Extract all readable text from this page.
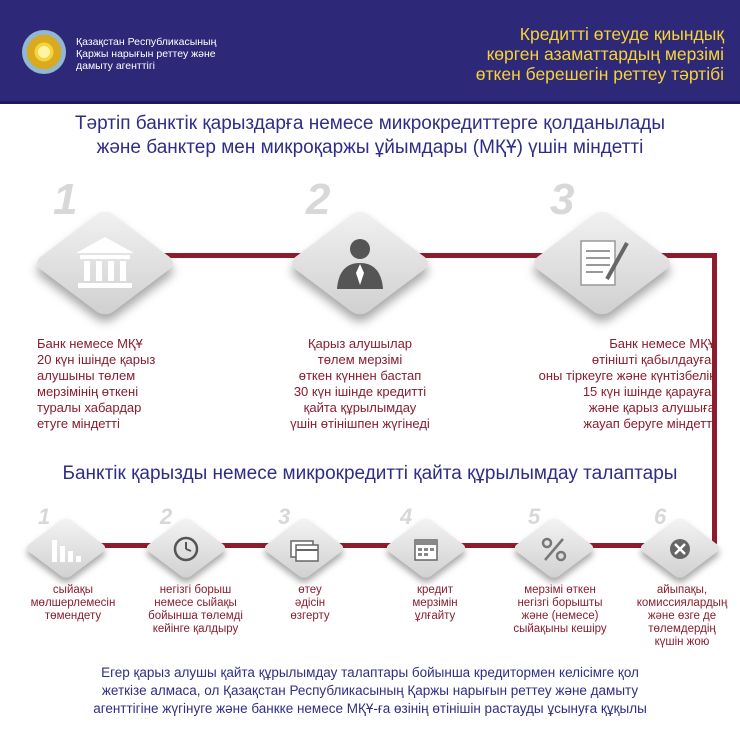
Қазақстан Республикасының
Қаржы нарығын реттеу және
дамыту агенттігі
Кредитті өтеуде қиындық
көрген азаматтардың мерзімі
өткен берешегін реттеу тәртібі
Тәртіп банктік қарыздарға немесе микрокредиттерге қолданылады
және банктер мен микроқаржы ұйымдары (МҚҰ) үшін міндетті
1
Банк немесе МҚҰ
20 күн ішінде қарыз
алушыны төлем
мерзімінің өткені
туралы хабардар
етуге міндетті
2
Қарыз алушылар
төлем мерзімі
өткен күннен бастап
30 күн ішінде кредитті
қайта құрылымдау
үшін өтінішпен жүгінеді
3
Банк немесе МҚҰ
өтінішті қабылдауға,
оны тіркеуге және күнтізбелік
15 күн ішінде қарауға,
және қарыз алушыға
жауап беруге міндетті
Банктік қарызды немесе микрокредитті қайта құрылымдау талаптары
1	2	3	4	5	6
сыйақы
мөлшерлемесін
төмендету
негізгі борыш
немесе сыйақы
бойынша төлемді
кейінге қалдыру
өтеу
әдісін
өзгерту
кредит
мерзімін
ұлғайту
мерзімі өткен
негізгі борышты
және (немесе)
сыйақыны кешіру
айыпақы,
комиссиялардың
және өзге де
төлемдердің
күшін жою
Егер қарыз алушы қайта құрылымдау талаптары бойынша кредитормен келісімге қол
жеткізе алмаса, ол Қазақстан Республикасының Қаржы нарығын реттеу және дамыту
агенттігіне жүгінуге және банкке немесе МҚҰ-ға өзінің өтінішін растауды ұсынуға құқылы
